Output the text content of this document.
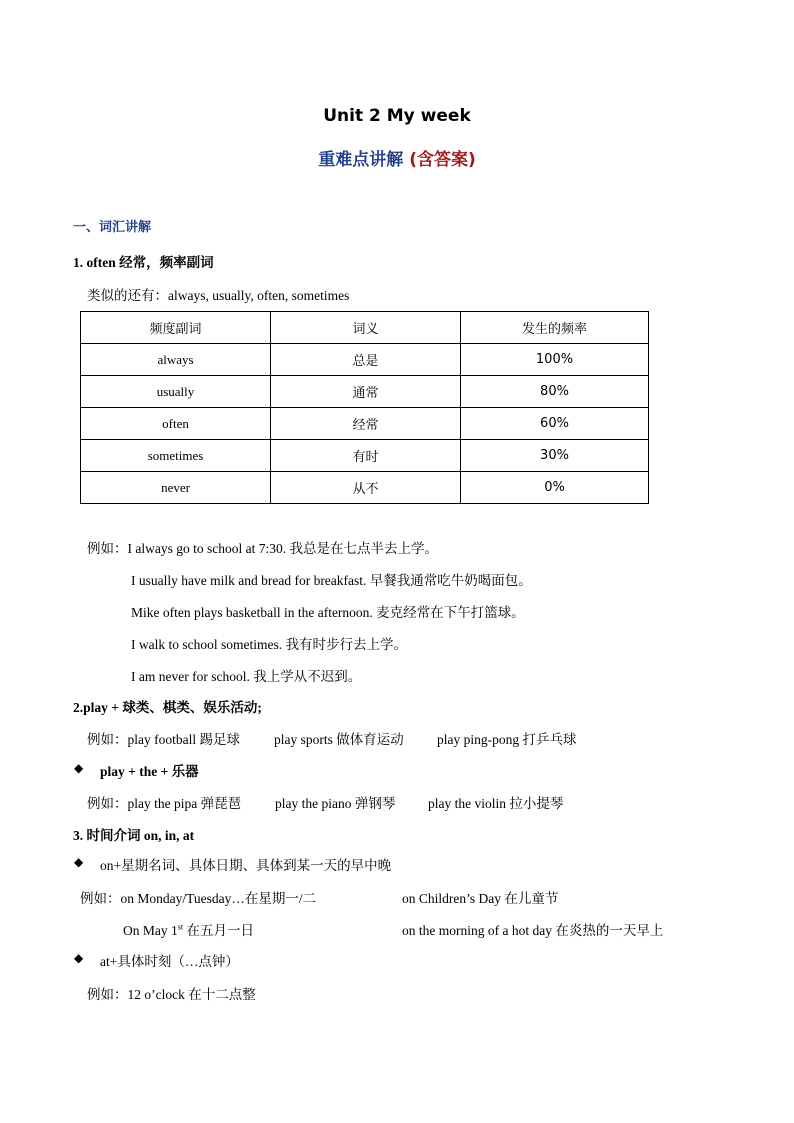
Unit 2 My week
重难点讲解 (含答案)
一、词汇讲解
1. often 经常，频率副词
类似的还有：always, usually, often, sometimes
频度副词	词义	发生的频率
always	总是	100%
usually	通常	80%
often	经常	60%
sometimes	有时	30%
never	从不	0%
例如：I always go to school at 7:30. 我总是在七点半去上学。
I usually have milk and bread for breakfast. 早餐我通常吃牛奶喝面包。
Mike often plays basketball in the afternoon. 麦克经常在下午打篮球。
I walk to school sometimes. 我有时步行去上学。
I am never for school. 我上学从不迟到。
2.play + 球类、棋类、娱乐活动;
例如：play football 踢足球	play sports 做体育运动 play ping-pong 打乒乓球
◆ play + the + 乐器
例如：play the pipa 弹琵琶	play the piano 弹钢琴 play the violin 拉小提琴
3. 时间介词 on, in, at
◆ on+星期名词、具体日期、具体到某一天的早中晚
例如：on Monday/Tuesday…在星期一/二	on Children’s Day 在儿童节
On May 1st 在五月一日	on the morning of a hot day 在炎热的一天早上
◆ at+具体时刻（…点钟）
例如：12 o’clock 在十二点整
